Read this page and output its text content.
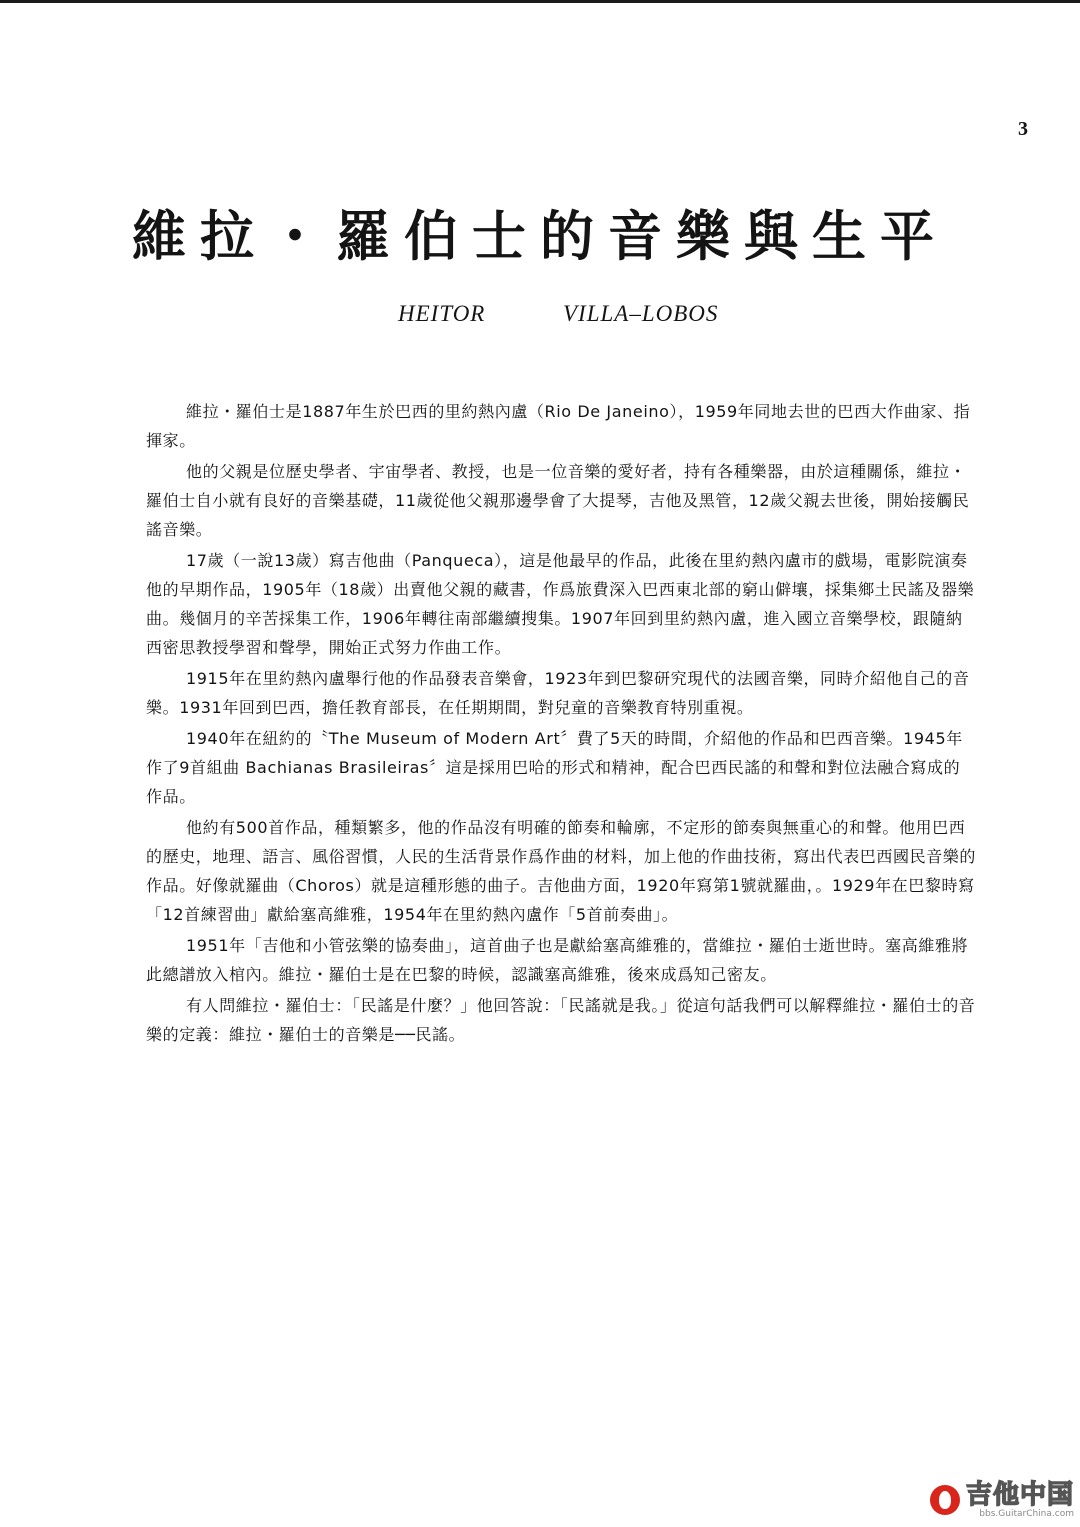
3
維拉・羅伯士的音樂與生平
HEITOR	VILLA–LOBOS

維拉・羅伯士是1887年生於巴西的里約熱內盧（Rio De Janeino），1959年同地去世的巴西大作曲家、指揮家。

他的父親是位歷史學者、宇宙學者、教授，也是一位音樂的愛好者，持有各種樂器，由於這種關係，維拉・羅伯士自小就有良好的音樂基礎，11歲從他父親那邊學會了大提琴，吉他及黑管，12歲父親去世後，開始接觸民謠音樂。

17歲（一說13歲）寫吉他曲（Panqueca），這是他最早的作品，此後在里約熱內盧市的戲場，電影院演奏他的早期作品，1905年（18歲）出賣他父親的藏書，作爲旅費深入巴西東北部的窮山僻壤，採集鄉土民謠及器樂曲。幾個月的辛苦採集工作，1906年轉往南部繼續搜集。1907年回到里約熱內盧，進入國立音樂學校，跟隨納西密思教授學習和聲學，開始正式努力作曲工作。

1915年在里約熱內盧舉行他的作品發表音樂會，1923年到巴黎研究現代的法國音樂，同時介紹他自己的音樂。1931年回到巴西，擔任教育部長，在任期期間，對兒童的音樂教育特別重視。

1940年在紐約的〝The Museum of Modern Art〞費了5天的時間，介紹他的作品和巴西音樂。1945年作了9首組曲 Bachianas Brasileiras〞這是採用巴哈的形式和精神，配合巴西民謠的和聲和對位法融合寫成的作品。

他約有500首作品，種類繁多，他的作品沒有明確的節奏和輪廓，不定形的節奏與無重心的和聲。他用巴西的歷史，地理、語言、風俗習慣，人民的生活背景作爲作曲的材料，加上他的作曲技術，寫出代表巴西國民音樂的作品。好像就羅曲（Choros）就是這種形態的曲子。吉他曲方面，1920年寫第1號就羅曲，。1929年在巴黎時寫「12首練習曲」獻給塞高維雅，1954年在里約熱內盧作「5首前奏曲」。

1951年「吉他和小管弦樂的協奏曲」，這首曲子也是獻給塞高維雅的，當維拉・羅伯士逝世時。塞高維雅將此總譜放入棺內。維拉・羅伯士是在巴黎的時候，認識塞高維雅，後來成爲知己密友。

有人問維拉・羅伯士：「民謠是什麼？」他回答說：「民謠就是我。」從這句話我們可以解釋維拉・羅伯士的音樂的定義：維拉・羅伯士的音樂是──民謠。

吉他中国
bbs.GuitarChina.com
